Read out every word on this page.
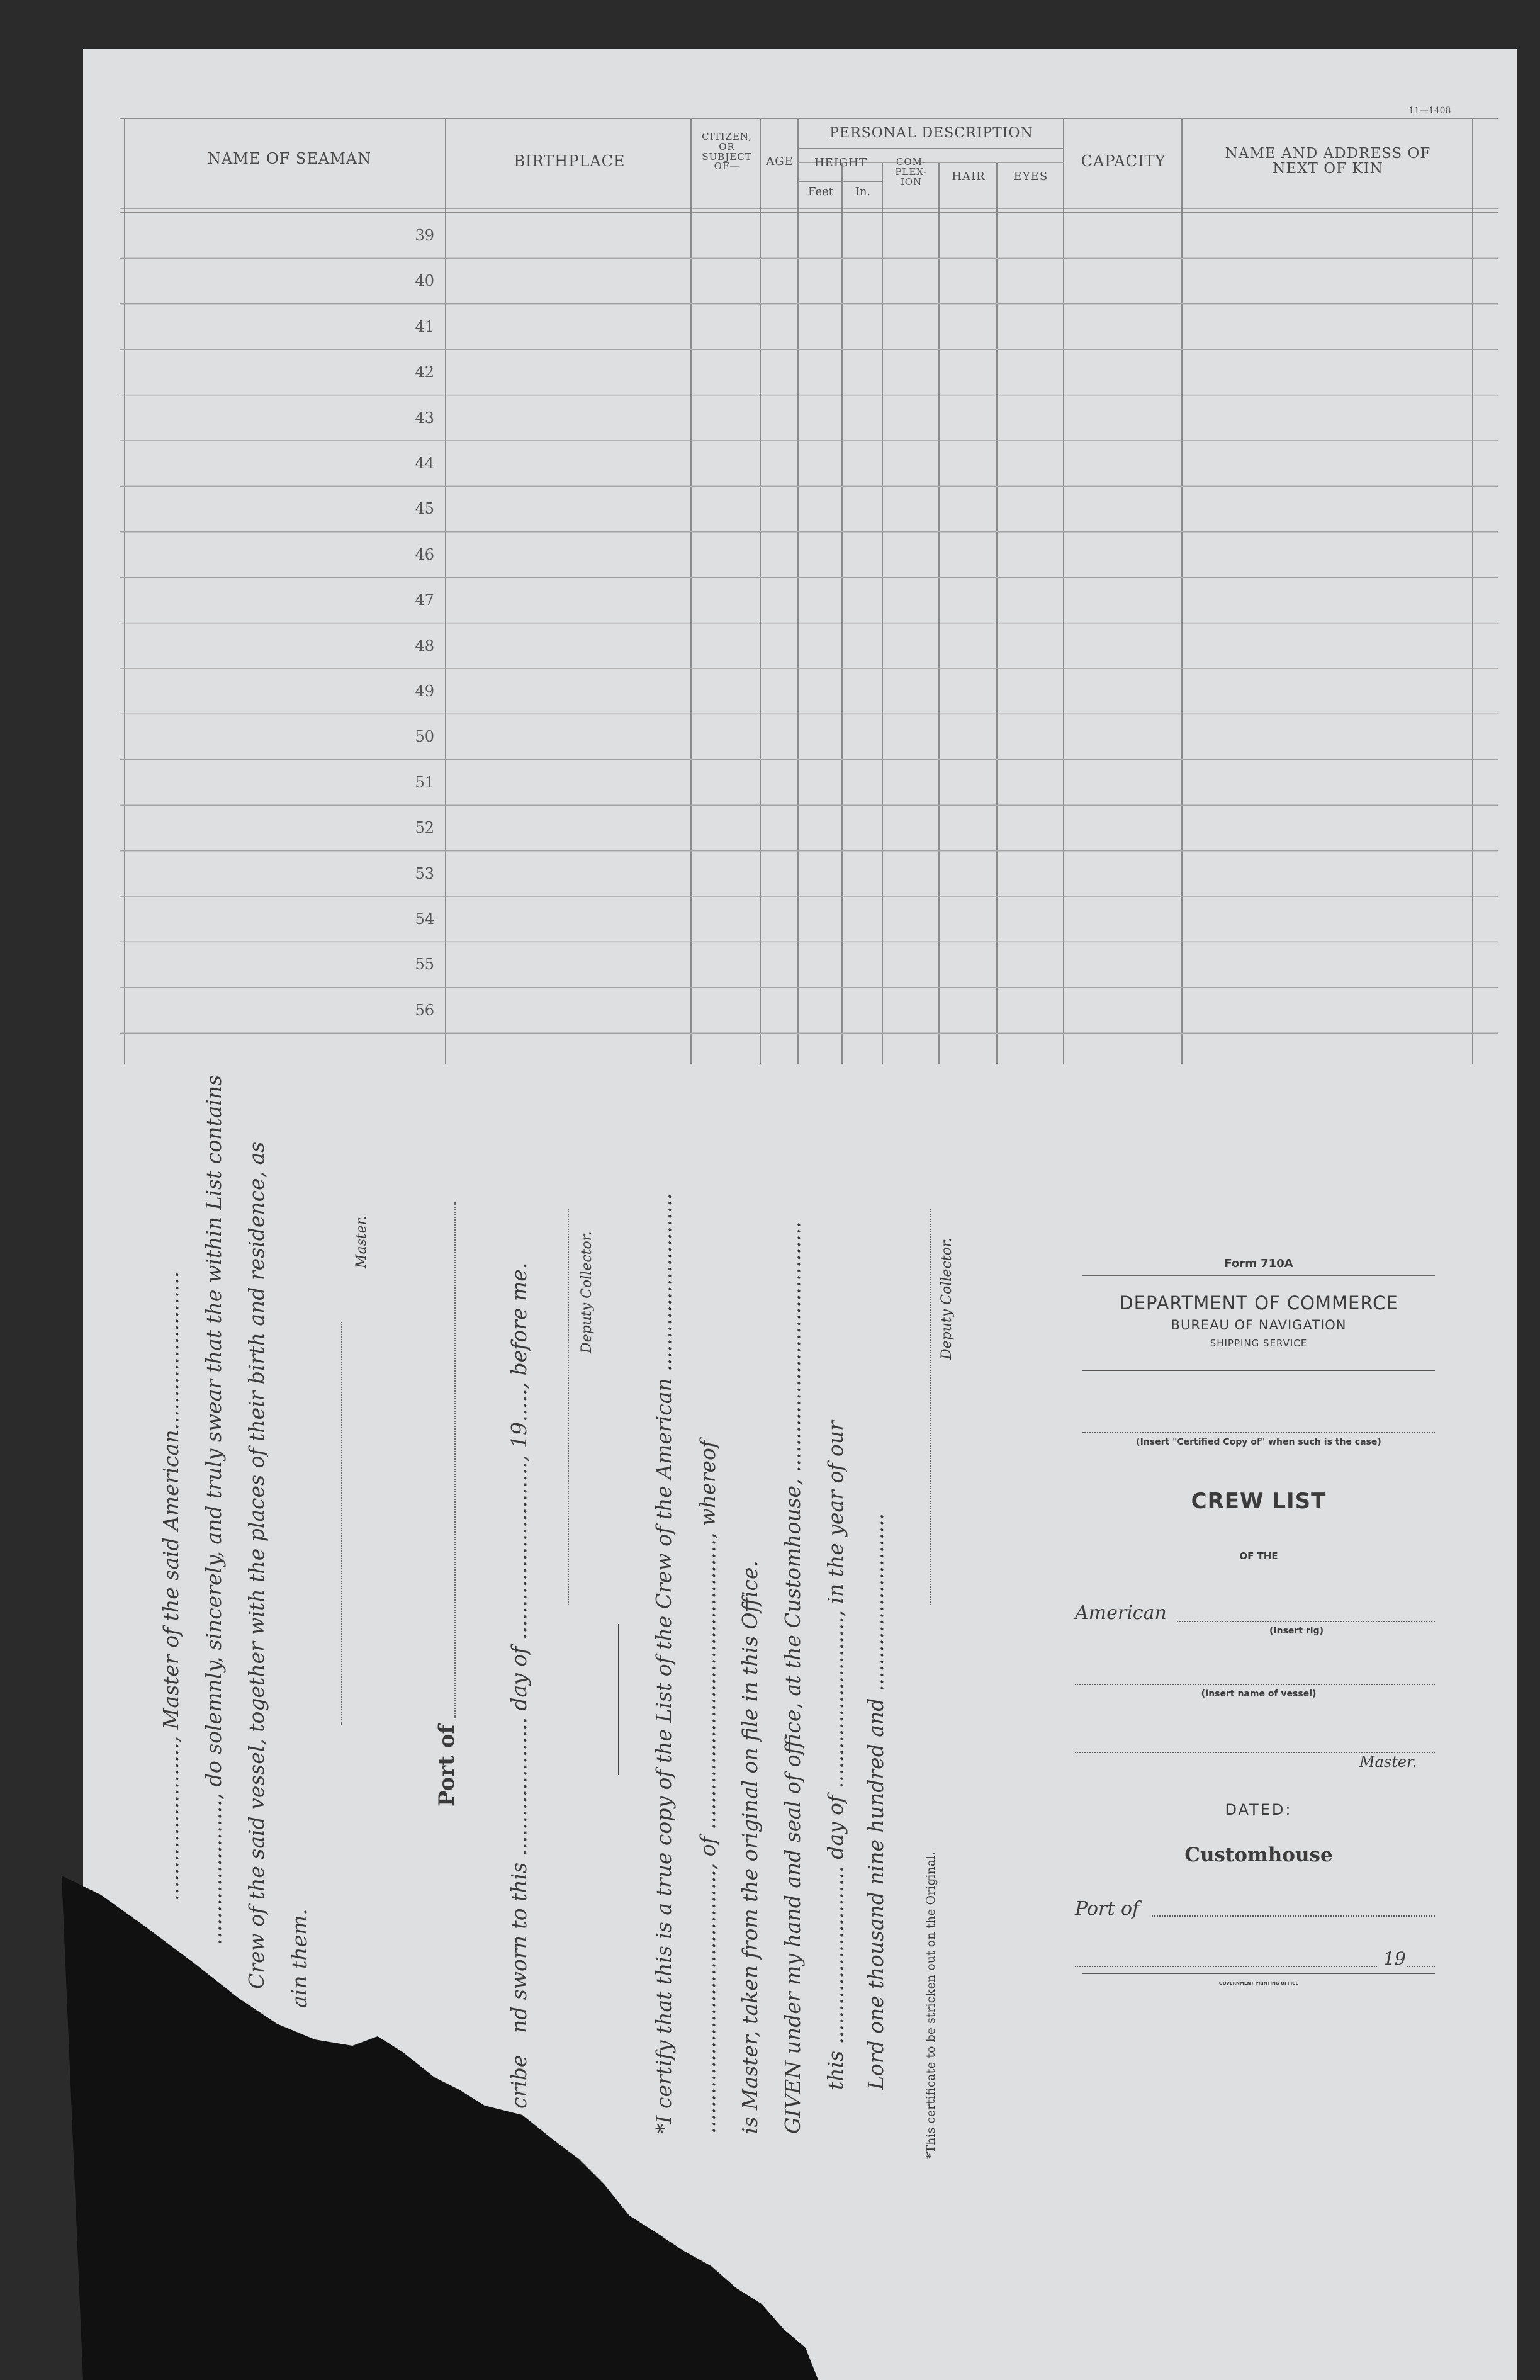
11—1408
NAME OF SEAMAN	BIRTHPLACE
CITIZEN,
OR
SUBJECT
OF—	AGE
PERSONAL DESCRIPTION
HEIGHT
Feet	In.
COM-
PLEX-
ION	HAIR	EYES
CAPACITY	NAME AND ADDRESS OF
NEXT OF KIN
39
40
41
42
43
44
45
46
47
48
49
50
51
52
53
54
55
56
........................, Master of the said American........................ ......................, do solemnly, sincerely, and truly swear that the within List contains Crew of the said vessel, together with the places of their birth and residence, as ain them.
Master.
Port of nd sworn to this ..................... day of ..........................., 19....., before me.
cribe
Deputy Collector.	*I certify that this is a true copy of the List of the Crew of the American ........................... ........................................, of ............................................, whereof is Master, taken from the original on file in this Office. GIVEN under my hand and seal of office, at the Customhouse, ...................................... this ........................... day of .........................., in the year of our Lord one thousand nine hundred and ...........................
Deputy Collector.
*This certificate to be stricken out on the Original.
Form 710A
DEPARTMENT OF COMMERCE
BUREAU OF NAVIGATION
SHIPPING SERVICE
(Insert "Certified Copy of" when such is the case)
CREW LIST
OF THE
American
(Insert rig)
(Insert name of vessel)
Master.
DATED:
Customhouse
Port of
19
GOVERNMENT PRINTING OFFICE
